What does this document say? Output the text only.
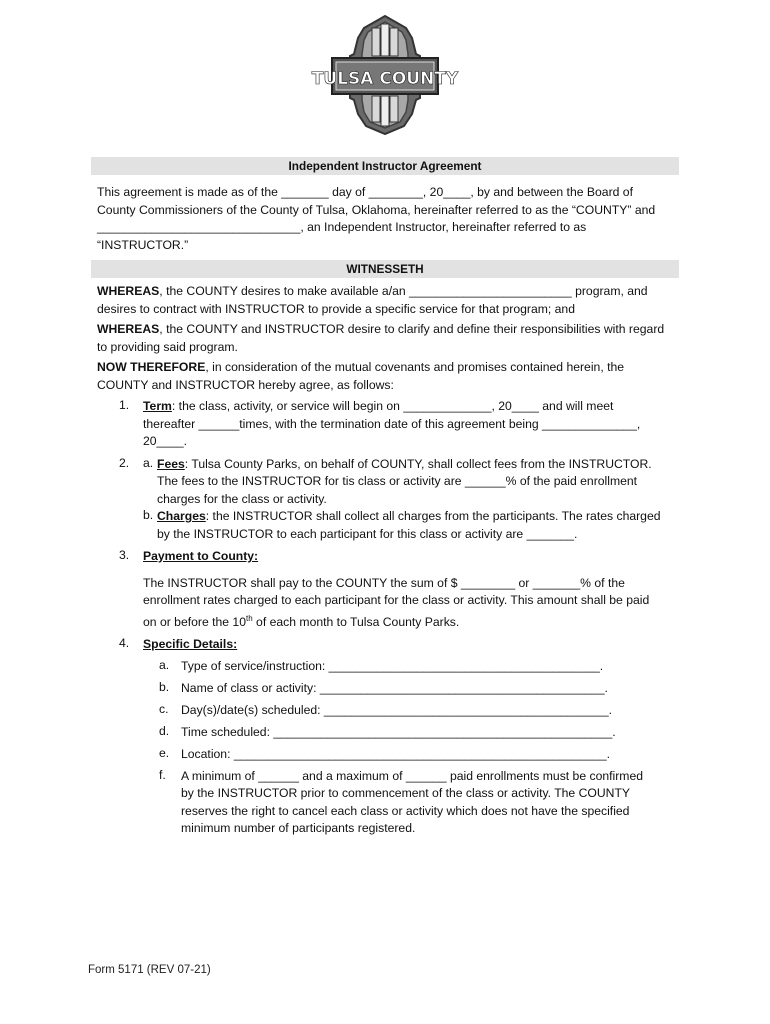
TULSA COUNTY
Independent Instructor Agreement

This agreement is made as of the _______ day of ________, 20____, by and between the Board of

County Commissioners of the County of Tulsa, Oklahoma, hereinafter referred to as the “COUNTY” and

______________________________, an Independent Instructor, hereinafter referred to as

“INSTRUCTOR.”

WITNESSETH

WHEREAS, the COUNTY desires to make available a/an ________________________ program, and

desires to contract with INSTRUCTOR to provide a specific service for that program; and

WHEREAS, the COUNTY and INSTRUCTOR desire to clarify and define their responsibilities with regard

to providing said program.

NOW THEREFORE, in consideration of the mutual covenants and promises contained herein, the

COUNTY and INSTRUCTOR hereby agree, as follows:

1.	Term: the class, activity, or service will begin on _____________, 20____ and will meet

thereafter ______times, with the termination date of this agreement being ______________,

20____.

2.	a. Fees: Tulsa County Parks, on behalf of COUNTY, shall collect fees from the INSTRUCTOR.

The fees to the INSTRUCTOR for tis class or activity are ______% of the paid enrollment

charges for the class or activity.

b. Charges: the INSTRUCTOR shall collect all charges from the participants. The rates charged

by the INSTRUCTOR to each participant for this class or activity are _______.

3.	Payment to County:

The INSTRUCTOR shall pay to the COUNTY the sum of $ ________ or _______% of the

enrollment rates charged to each participant for the class or activity. This amount shall be paid

on or before the 10th of each month to Tulsa County Parks.

4.	Specific Details:

a. Type of service/instruction: ________________________________________.
b. Name of class or activity: __________________________________________.
c.	Day(s)/date(s) scheduled: __________________________________________.
d. Time scheduled: __________________________________________________.
e. Location: _______________________________________________________.
f.	A minimum of ______ and a maximum of ______ paid enrollments must be confirmed

by the INSTRUCTOR prior to commencement of the class or activity. The COUNTY

reserves the right to cancel each class or activity which does not have the specified

minimum number of participants registered.

Form 5171 (REV 07-21)
